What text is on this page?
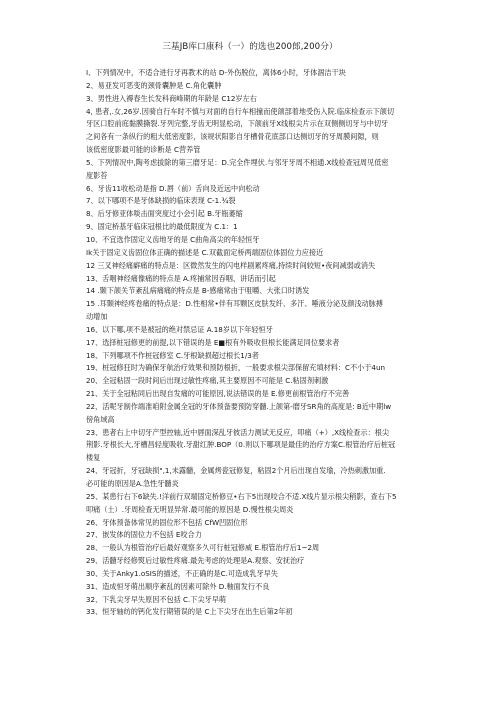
三基JB库口康科（一）的选也200郎,200分）
I、下列情况中，不适合进行牙再教术的站 D-外伤脱位，离体6小时，牙体涸洁干块
2、易亚发可恶变的颈骨囊肿是 C.角化囊肿
3、男性进入褥春生长发科商峰期的年龄是 C12岁左右
4, 患者,.女,26岁.因骑自行车时不慎与对面的自行车相撞而使颌部着地受伤入院.临床检查示下颌切
牙区口腔前庭黏膜撕裂.牙列完整,牙齿无明显松动，下颌前牙X线根尖片示在双侧侧切牙与中切牙
之间各有一条纵行的粗大低密度影，该规状阳影自牙槽骨花底部口达侧切牙的牙周膜间隙，则
该低密度影最可能的诊断是 C营养管
5、下列情况中,陶考虑拔除的第三磨牙足：D.完全件埋伏.与邻牙牙周不相通.X线检查冠周见低密
度影苔
6、牙齿11收松动是指 D.唇（前）舌向及近远中向松动
7、以下哪项不是牙体缺损的临床表现 C-1.¾裂
8、后牙修亚体啖击面突度过小会引起 B.牙瓶萎缩
9、固定桥基牙临床冠根比的最低限度为 C.1：1
10、不宜选作固定义齿地牙的是 C曲角高尖的年轻恒牙
Ik关于固定义齿固位体正确的描述是 C.双截面定桥两端固位体固位力应接近
12 三叉神经痛癖痛的特点是：区微然发生的闪电样剧累疼痛,持续时间较短•夜间减弱或消失
13、舌咽神经痛像痛的特点是 A.疼捕常因吞咽、讲话而引起
14 .颞下颌关节紊乱病痛痛的特点是 B-感痛常由于咀嚼、大张口时诱发
15 .耳颞神经疼卷痛的特点是：D.性相常•伴有耳颗区皮肤发纤、多汗、唾液分泌及颜浅动脉搏
动增加
16、以下哪,项不是被冠的绝对禁忌证 A.18岁以下年轻恒牙
17、选择桩冠修更的前提,以下错误的是 E■根有外吸收但根长能满足同位要求者
18、下列哪项不作桩冠修室 C.牙根缺损超过根长1/3者
19、桩冠修狂时为确保牙航治疗效果和预防根折，一般要求根尖部保留充填材料：C不小于4un
20、全冠粘固一段时间后出现过敏性疼痛,其主要原因不可能是 C.粘固剂刺激
21、关于全冠粘同后出现自发痛的可能原因,说法错误的是 E.修更前根管治疗不完善
22、活呢牙制作端准咱附金属全冠的牙体预备要预防穿髓.上颌第-磨牙SR角的高度是: B近中期lw
傍角域高
23、患者右上中切牙产型控轴,近中唇面深乱牙彼活力测试无反应，叩痛（+）,X线检查示：根尖
荆影.牙根长大,牙槽昌轻度吸收.牙甜红肿.BOP（0.则以下哪项是最佳的治疗方案C.根管治疗后桩冠
楼复
24、牙冠折，牙冠缺损",1,未露髓，金属烤瓷冠修复，粘固2个月后出现自发瑜，冷热刺激加重.
必可能的原因是A.急性牙髓炎
25、某患行右下6缺失.!洋前行双端固定桥修豆•右下5出现咬合不适.X线片显示根尖稍影，查右下5
叩痛（土）.牙周检查无明显异常.最可能的原因是 D.慢性根尖周炎
26、牙体预备体常见的固位形不包括 CfW凹固位形
27、嵌发体的固位力不包括 E咬合力
28、一般认为根管治疗后最好观察多久可行桩冠修威 E.根管治疗后1~2周
29、活髓牙经修熨后过敏性疼痛.最先考虑的处理是A.观察、安抚治疗
30、关于Anky1.oSIS的描述，不正确的是C.可造成乳牙早失
31、造成恒牙萌出顺序紊乱的因素可除外 D.釉面发行不良
32、下乳尖牙早失原因不包括 C.下尖牙早萌
33、恒牙轴纺的钙化发行期错误的是 C上下尖牙在出生后第2年初
